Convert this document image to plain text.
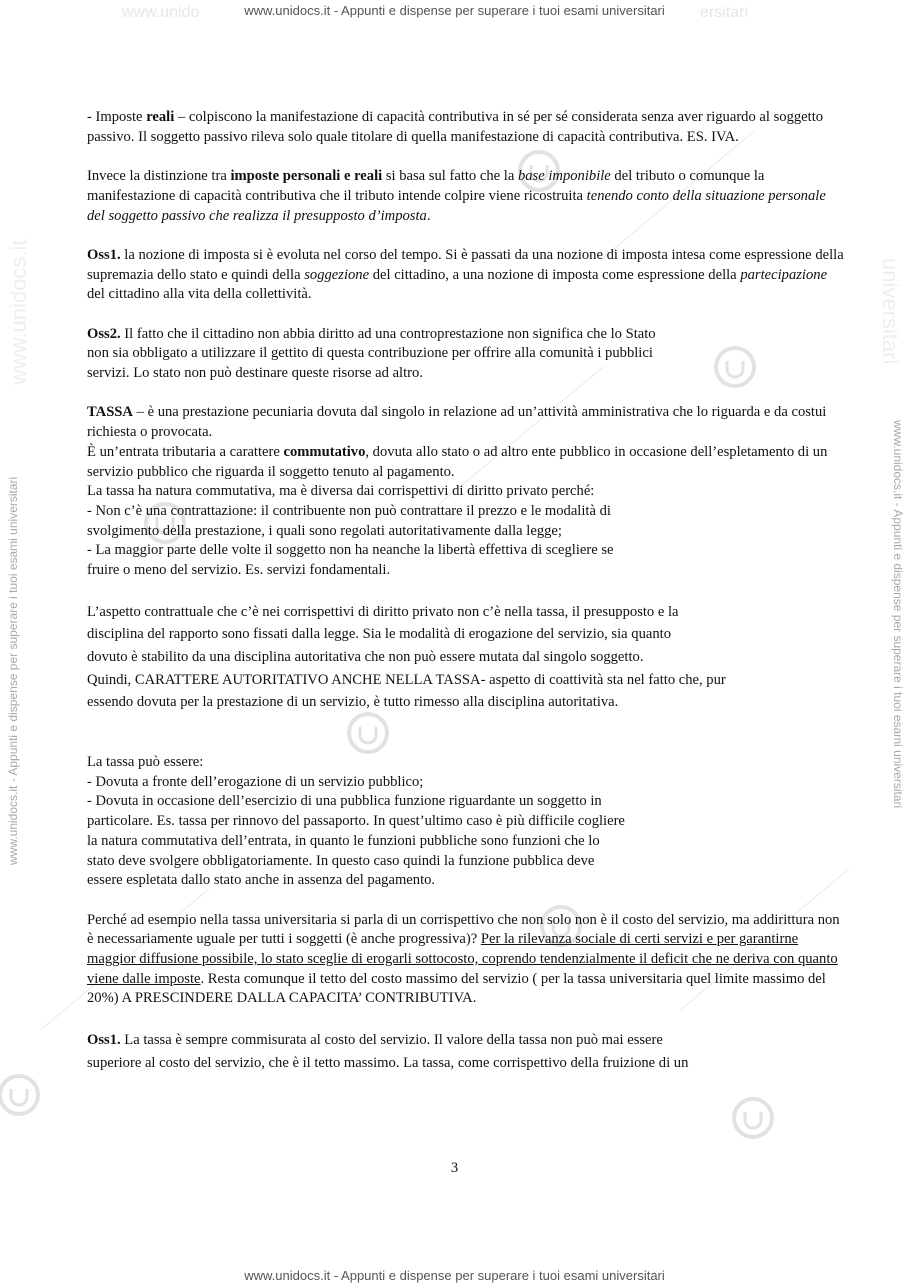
www.unido	ersitari
www.unidocs.it - Appunti e dispense per superare i tuoi esami universitari
www.unidocs.it - Appunti e dispense per superare i tuoi esami universitari
www.unidocs.it	universitari
www.unidocs.it - Appunti e dispense per superare i tuoi esami universitari	www.unidocs.it - Appunti e dispense per superare i tuoi esami universitari

- Imposte reali – colpiscono la manifestazione di capacità contributiva in sé per sé considerata senza aver riguardo al soggetto passivo. Il soggetto passivo rileva solo quale titolare di quella manifestazione di capacità contributiva. ES. IVA.

Invece la distinzione tra imposte personali e reali si basa sul fatto che la base imponibile del tributo o comunque la manifestazione di capacità contributiva che il tributo intende colpire viene ricostruita tenendo conto della situazione personale del soggetto passivo che realizza il presupposto d’imposta.

Oss1. la nozione di imposta si è evoluta nel corso del tempo. Si è passati da una nozione di imposta intesa come espressione della supremazia dello stato e quindi della soggezione del cittadino, a una nozione di imposta come espressione della partecipazione del cittadino alla vita della collettività.

Oss2. Il fatto che il cittadino non abbia diritto ad una controprestazione non significa che lo Stato
non sia obbligato a utilizzare il gettito di questa contribuzione per offrire alla comunità i pubblici
servizi. Lo stato non può destinare queste risorse ad altro.

TASSA – è una prestazione pecuniaria dovuta dal singolo in relazione ad un’attività amministrativa che lo riguarda e da costui richiesta o provocata.
È un’entrata tributaria a carattere commutativo, dovuta allo stato o ad altro ente pubblico in occasione dell’espletamento di un servizio pubblico che riguarda il soggetto tenuto al pagamento.
La tassa ha natura commutativa, ma è diversa dai corrispettivi di diritto privato perché:
- Non c’è una contrattazione: il contribuente non può contrattare il prezzo e le modalità di
svolgimento della prestazione, i quali sono regolati autoritativamente dalla legge;
- La maggior parte delle volte il soggetto non ha neanche la libertà effettiva di scegliere se
fruire o meno del servizio. Es. servizi fondamentali.

L’aspetto contrattuale che c’è nei corrispettivi di diritto privato non c’è nella tassa, il presupposto e la
disciplina del rapporto sono fissati dalla legge. Sia le modalità di erogazione del servizio, sia quanto
dovuto è stabilito da una disciplina autoritativa che non può essere mutata dal singolo soggetto.
Quindi, CARATTERE AUTORITATIVO ANCHE NELLA TASSA- aspetto di coattività sta nel fatto che, pur
essendo dovuta per la prestazione di un servizio, è tutto rimesso alla disciplina autoritativa.

La tassa può essere:
- Dovuta a fronte dell’erogazione di un servizio pubblico;
- Dovuta in occasione dell’esercizio di una pubblica funzione riguardante un soggetto in
particolare. Es. tassa per rinnovo del passaporto. In quest’ultimo caso è più difficile cogliere
la natura commutativa dell’entrata, in quanto le funzioni pubbliche sono funzioni che lo
stato deve svolgere obbligatoriamente. In questo caso quindi la funzione pubblica deve
essere espletata dallo stato anche in assenza del pagamento.

Perché ad esempio nella tassa universitaria si parla di un corrispettivo che non solo non è il costo del servizio, ma addirittura non è necessariamente uguale per tutti i soggetti (è anche progressiva)? Per la rilevanza sociale di certi servizi e per garantirne maggior diffusione possibile, lo stato sceglie di erogarli sottocosto, coprendo tendenzialmente il deficit che ne deriva con quanto viene dalle imposte. Resta comunque il tetto del costo massimo del servizio ( per la tassa universitaria quel limite massimo del 20%) A PRESCINDERE DALLA CAPACITA’ CONTRIBUTIVA.

Oss1. La tassa è sempre commisurata al costo del servizio. Il valore della tassa non può mai essere
superiore al costo del servizio, che è il tetto massimo. La tassa, come corrispettivo della fruizione di un

3
